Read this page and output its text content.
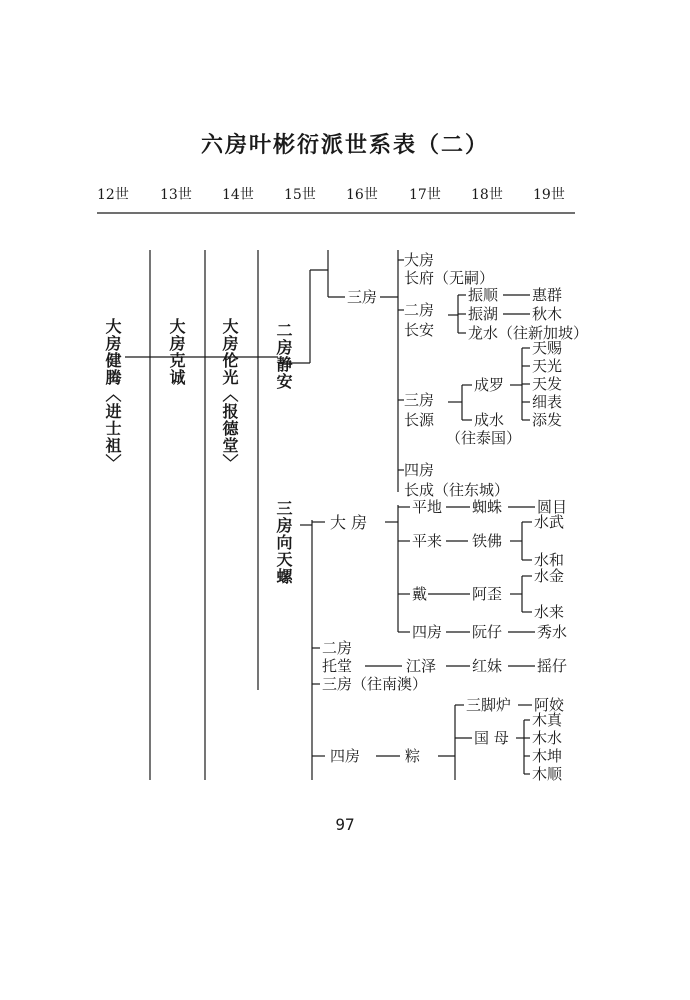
六房叶彬衍派世系表（二）
12世 13世 14世 15世 16世 17世 18世 19世
大房健腾〈进士祖〉	大房克诚 大房伦光〈报德堂〉 二房静安
三房向天螺
三房
大房
长府（无嗣）
二房
长安
振顺 惠群
振湖 秋木
龙水（往新加坡）
三房
长源
成罗
成水
（往泰国）
天赐
天光
天发
细表
添发
四房
长成（往东城）
大 房
平地 蜘蛛 圆目
平来 铁佛
水武
水和
戴	阿歪
水金
水来
四房 阮仔 秀水
二房
托堂	江泽 红妹 摇仔
三房（往南澳）
四房	粽
三脚炉 阿姣
国 母
木真
木水
木坤
木顺
97
